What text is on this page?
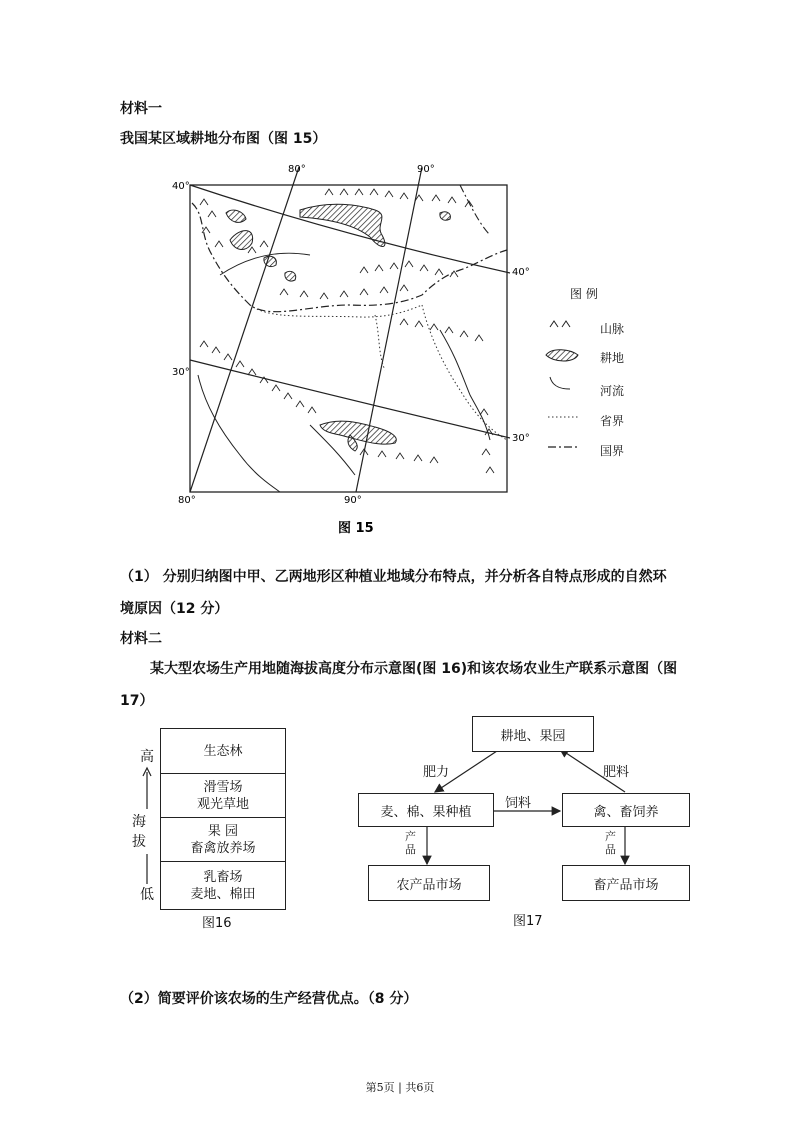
材料一
我国某区域耕地分布图（图 15）
80°	90°
80°	90°
40°
30°
40°
30°
图 15
图 例
山脉
耕地
河流
省界
国界
（1） 分别归纳图中甲、乙两地形区种植业地域分布特点，并分析各自特点形成的自然环
境原因（12 分）
材料二
某大型农场生产用地随海拔高度分布示意图(图 16)和该农场农业生产联系示意图（图
17）
高
海拔
低
生态林
滑雪场
观光草地
果 园
畜禽放养场
乳畜场
麦地、棉田
图16
耕地、果园
麦、棉、果种植	禽、畜饲养
农产品市场	畜产品市场
肥力	肥料
饲料
产品
产品
图17
（2）简要评价该农场的生产经营优点。（8 分）
第5页 | 共6页
